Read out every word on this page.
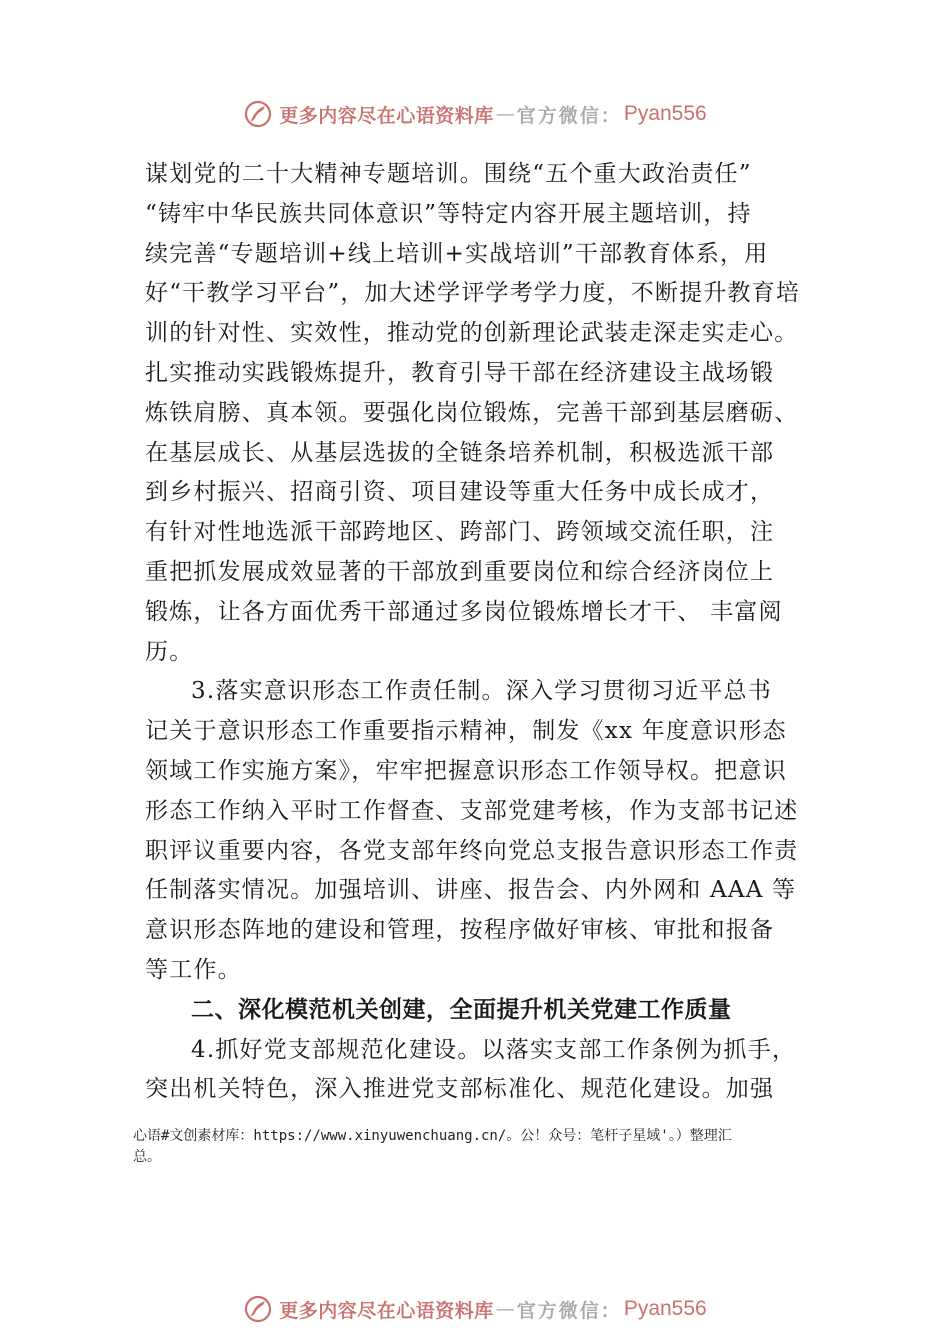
更多内容尽在心语资料库 — 官方微信： Pyan556
谋划党的二十大精神专题培训。围绕“五个重大政治责任”
“铸牢中华民族共同体意识”等特定内容开展主题培训，持
续完善“专题培训+线上培训+实战培训”干部教育体系，用
好“干教学习平台”，加大述学评学考学力度，不断提升教育培
训的针对性、实效性，推动党的创新理论武装走深走实走心。
扎实推动实践锻炼提升，教育引导干部在经济建设主战场锻
炼铁肩膀、真本领。要强化岗位锻炼，完善干部到基层磨砺、
在基层成长、从基层选拔的全链条培养机制，积极选派干部
到乡村振兴、招商引资、项目建设等重大任务中成长成才，
有针对性地选派干部跨地区、跨部门、跨领域交流任职，注
重把抓发展成效显著的干部放到重要岗位和综合经济岗位上
锻炼，让各方面优秀干部通过多岗位锻炼增长才干、 丰富阅
历。
3.落实意识形态工作责任制。深入学习贯彻习近平总书
记关于意识形态工作重要指示精神，制发《xx 年度意识形态
领域工作实施方案》，牢牢把握意识形态工作领导权。把意识
形态工作纳入平时工作督查、支部党建考核，作为支部书记述
职评议重要内容，各党支部年终向党总支报告意识形态工作责
任制落实情况。加强培训、讲座、报告会、内外网和 AAA 等
意识形态阵地的建设和管理，按程序做好审核、审批和报备
等工作。
二、深化模范机关创建，全面提升机关党建工作质量
4.抓好党支部规范化建设。以落实支部工作条例为抓手，
突出机关特色，深入推进党支部标准化、规范化建设。加强
心语#文创素材库：https://www.xinyuwenchuang.cn/。公！众号：笔杆子星域'。）整理汇
总。
更多内容尽在心语资料库 — 官方微信： Pyan556
